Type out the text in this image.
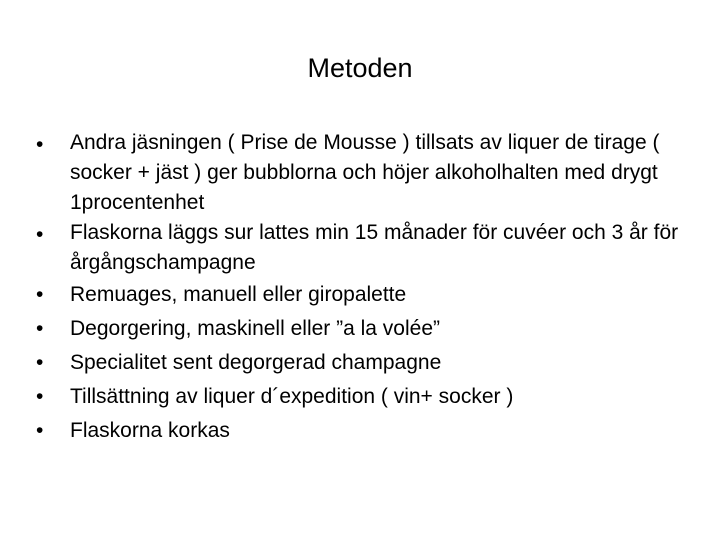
Metoden
•	Andra jäsningen ( Prise de Mousse ) tillsats av liquer de tirage ( socker + jäst ) ger bubblorna och höjer alkoholhalten med drygt 1procentenhet
•	Flaskorna läggs sur lattes min 15 månader för cuvéer och 3 år för årgångschampagne
•	Remuages, manuell eller giropalette
•	Degorgering, maskinell eller ”a la volée”
•	Specialitet sent degorgerad champagne
•	Tillsättning av liquer d´expedition ( vin+ socker )
•	Flaskorna korkas
